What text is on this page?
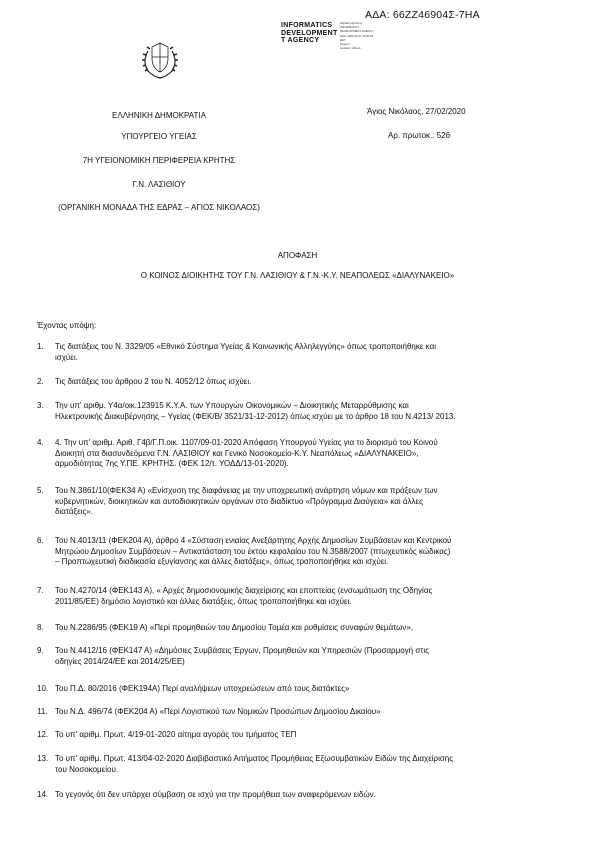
ΑΔΑ: 66ΖΖ46904Σ-7ΗΑ
INFORMATICS
DEVELOPMENT
T AGENCY
Digitally signed by
INFORMATICS
DEVELOPMENT AGENCY
Date: 2020.02.27 13:36:55
EET
Reason:
Location: Athens
ΕΛΛΗΝΙΚΗ ΔΗΜΟΚΡΑΤΙΑ
ΥΠΟΥΡΓΕΙΟ ΥΓΕΙΑΣ
7Η ΥΓΕΙΟΝΟΜΙΚΗ ΠΕΡΙΦΕΡΕΙΑ ΚΡΗΤΗΣ
Γ.Ν. ΛΑΣΙΘΙΟΥ
(ΟΡΓΑΝΙΚΗ ΜΟΝΑΔΑ ΤΗΣ ΕΔΡΑΣ – ΑΓΙΟΣ ΝΙΚΟΛΑΟΣ)
Άγιος Νικόλαος, 27/02/2020
Αρ. πρωτοκ.: 526
ΑΠΟΦΑΣΗ
Ο ΚΟΙΝΟΣ ΔΙΟΙΚΗΤΗΣ ΤΟΥ Γ.Ν. ΛΑΣΙΘΙΟΥ & Γ.Ν.-Κ.Υ. ΝΕΑΠΟΛΕΩΣ «ΔΙΑΛΥΝΑΚΕΙΟ»
Έχοντας υπόψη:
1.	Τις διατάξεις του Ν. 3329/05 «Εθνικό Σύστημα Υγείας & Κοινωνικής Αλληλεγγύης» όπως τροποποιήθηκε και
ισχύει.
2.	Τις διατάξεις του άρθρου 2 του Ν. 4052/12 όπως ισχύει.
3.	Την υπ' αριθμ. Υ4α/οικ.123915 Κ.Υ.Α. των Υπουργών Οικονομικών – Διοικητικής Μεταρρύθμισης και
Ηλεκτρονικής Διακυβέρνησης – Υγείας (ΦΕΚ/Β/ 3521/31-12-2012) όπως ισχύει με το άρθρο 18 του Ν.4213/ 2013.
4.	4. Την υπ' αριθμ. Αριθ. Γ4β/Γ.Π.οικ. 1107/09-01-2020 Απόφαση Υπουργού Υγείας για το διορισμό του Κοινού
Διοικητή στα διασυνδεόμενα Γ.Ν. ΛΑΣΙΘΙΟΥ και Γενικό Νοσοκομείο-Κ.Υ. Νεαπόλεως «ΔΙΑΛΥΝΑΚΕΙΟ»,
αρμοδιότητας 7ης Υ.ΠΕ. ΚΡΗΤΗΣ. (ΦΕΚ 12/τ. ΥΟΔΔ/13-01-2020).
5.	Του Ν.3861/10(ΦΕΚ34 Α) «Ενίσχυση της διαφάνειας με την υποχρεωτική ανάρτηση νόμων και πράξεων των
κυβερνητικών, διοικητικών και αυτοδιοικητικών οργάνων στο διαδίκτυο «Πρόγραμμα Διαύγεια» και άλλες
διατάξεις».
6.	Του Ν.4013/11 (ΦΕΚ204 Α), άρθρο 4 «Σύσταση ενιαίας Ανεξάρτητης Αρχής Δημοσίων Συμβάσεων και Κεντρικού
Μητρώου Δημοσίων Συμβάσεων – Αντικατάσταση του έκτου κεφαλαίου του Ν.3588/2007 (πτωχευτικός κώδικας)
– Προπτωχευτική διαδικασία εξυγίανσης και άλλες διατάξεις», όπως τροποποιήθηκε και ισχύει.
7.	Του Ν.4270/14 (ΦΕΚ143 Α), « Αρχές δημοσιονομικής διαχείρισης και εποπτείας (ενσωμάτωση της Οδηγίας
2011/85/ΕΕ) δημόσιο λογιστικό και άλλες διατάξεις, όπως τροποποιήθηκε και ισχύει.
8.	Του Ν.2286/95 (ΦΕΚ19 Α) «Περί προμηθειών του Δημοσίου Τομέα και ρυθμίσεις συναφών θεμάτων»,
9.	Του Ν.4412/16 (ΦΕΚ147 Α) «Δημόσιες Συμβάσεις Έργων, Προμηθειών και Υπηρεσιών (Προσαρμογή στις
οδηγίες 2014/24/ΕΕ και 2014/25/ΕΕ)
10. Του Π.Δ. 80/2016 (ΦΕΚ194Α) Περί αναλήψεων υποχρεώσεων από τους διατάκτες»
11. Του Ν.Δ. 496/74 (ΦΕΚ204 Α) «Περί Λογιστικού των Νομικών Προσώπων Δημοσίου Δικαίου»
12. Το υπ' αριθμ. Πρωτ. 4/19-01-2020 αίτημα αγοράς του τμήματος ΤΕΠ
13. Το υπ' αριθμ. Πρωτ. 413/04-02-2020 Διαβιβαστικό Αιτήματος Προμήθειας Εξωσυμβατικών Ειδών της Διαχείρισης
του Νοσοκομείου.
14. Το γεγονός ότι δεν υπάρχει σύμβαση σε ισχύ για την προμήθεια των αναφερόμενων ειδών.
